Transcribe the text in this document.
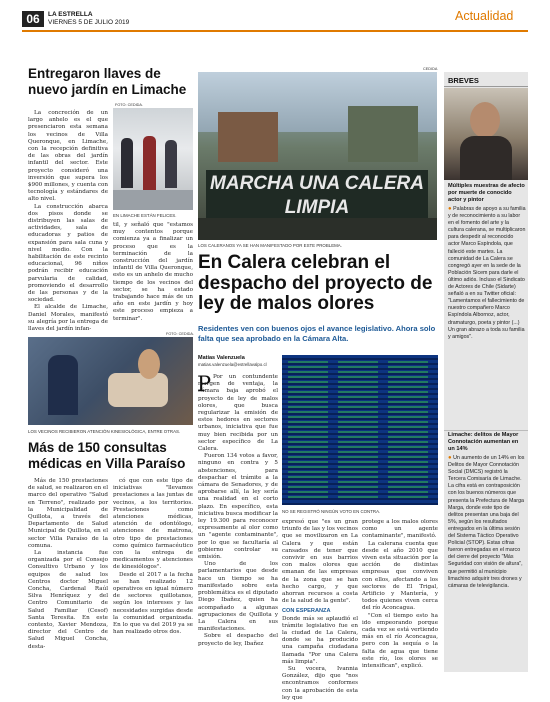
06	LA ESTRELLA
VIERNES 5 DE JULIO 2019	Actualidad
Entregaron llaves de nuevo jardín en Limache

La concreción de un largo anhelo es el que presenciaron esta semana los vecinos de Villa Queronque, en Limache, con la recepción definitiva de las obras del jardín infantil del sector. Este proyecto consideró una inversión que supera los $900 millones, y cuenta con tecnología y estándares de alto nivel.

La construcción abarca dos pisos donde se distribuyen las salas de actividades, sala de educadoras y patios de expansión para sala cuna y nivel medio. Con la habilitación de este recinto educacional, 96 niños podrán recibir educación parvularia de calidad, promoviendo el desarrollo de las personas y de la sociedad.

El alcalde de Limache, Daniel Morales, manifestó su alegría por la entrega de llaves del jardín infan-

FOTO: CEDIDA.
EN LIMACHE ESTÁN FELICES.
til, y señaló que "estamos muy contentos porque comienza ya a finalizar un proceso que es la terminación de la construcción del jardín infantil de Villa Queronque, esto es un anhelo de mucho tiempo de los vecinos del sector, se ha estado trabajando hace más de un año en este jardín y hoy este proceso empieza a terminar".
FOTO: CEDIDA.
LOS VECINOS RECIBIERON ATENCIÓN KINESIOLÓGICA, ENTRE OTRAS.
Más de 150 consultas médicas en Villa Paraíso

Más de 150 prestaciones de salud, se realizaron en el marco del operativo "Salud en Terreno", realizado por la Municipalidad de Quillota, a través del Departamento de Salud Municipal de Quillota, en el sector Villa Paraíso de la comuna.

La instancia fue organizada por el Consejo Consultivo Urbano y los equipos de salud los Centros doctor Miguel Concha, Cardenal Raúl Silva Henríquez y del Centro Comunitario de Salud Familiar (Cesof) Santa Teresita. En este contexto, Xavier Mendoza, director del Centro de Salud Miguel Concha, desta-

có que con este tipo de iniciativas "llevamos prestaciones a las juntas de vecinos, a los territorios. Prestaciones como atenciones médicas, atención de odontólogo, atenciones de matrona, otro tipo de prestaciones como químico farmacéutico con la entrega de medicamentos y atenciones de kinesiólogos".

Desde el 2017 a la fecha se han realizado 12 operativos en igual número de sectores quillotanos, según los intereses y las necesidades surgidas desde la comunidad organizada. En lo que va del 2019 ya se han realizado otros dos.

CEDIDA
MARCHA UNA CALERA LIMPIA
LOS CALERANOS YA SE HAN MANIFESTADO POR ESTE PROBLEMA.
En Calera celebran el despacho del proyecto de ley de malos olores
Residentes ven con buenos ojos el avance legislativo. Ahora solo falta que sea aprobado en la Cámara Alta.
Matías Valenzuela
matias.valenzuela@estrellavalpo.cl
P Por un contundente margen de ventaja, la cámara baja aprobó el proyecto de ley de malos olores, que busca regularizar la emisión de estos hedores en sectores urbanos, iniciativa que fue muy bien recibida por un sector específico de La Calera.

Fueron 134 votos a favor, ninguno en contra y 5 abstenciones, para despachar el trámite a la cámara de Senadores, y de aprobarse allí, la ley sería una realidad en el corto plazo. En específico, esta iniciativa busca modificar la ley 19.300 para reconocer expresamente al olor como un "agente contaminante", por lo que se facultaría al gobierno controlar su emisión.

Uno de los parlamentarios que desde hace un tiempo se ha manifestado sobre esta problemática es el diputado Diego Ibañez, quien ha acompañado a algunas agrupaciones de Quillota y La Calera en sus manifestaciones.

Sobre el despacho del proyecto de ley, Ibañez

NO SE REGISTRÓ NINGÚN VOTO EN CONTRA.

expresó que "es un gran triunfo de las y los vecinos que se movilizaron en La Calera y que están cansados de tener que convivir en sus barrios con malos olores que emanan de las empresas de la zona que se han hecho cargo, y que ahorran recursos a costa de la salud de la gente".

CON ESPERANZA

Donde más se aplaudió el trámite legislativo fue en la ciudad de La Calera, donde se ha producido una campaña ciudadana llamada "Por una Calera más limpia".

Su vocera, Ivannia González, dijo que "nos encontramos conformes con la aprobación de esta ley que

protege a los malos olores como un agente contaminante", manifestó.

La calerana cuenta que desde el año 2010 que viven esta situación por la acción de distintas empresas que conviven con ellos, afectando a los sectores de El Trigal, Artificio y Mantería, y todos quienes viven cerca del río Aconcagua.

"Con el tiempo esto ha ido empeorando porque cada vez se está vertiendo más en el río Aconcagua, pero con la sequía o la falta de agua que tiene este río, los olores se intensifican", explicó.

BREVES
Múltiples muestras de afecto por muerte de conocido actor y pintor
● Palabras de apoyo a su familia y de reconocimiento a su labor en el fomento del arte y la cultura calerana, se multiplicaron para despedir al reconocido actor Marco Espíndola, que falleció este martes. La comunidad de La Calera se congregó ayer en la sede de la Población Sicem para darle el último adiós. Incluso el Sindicato de Actores de Chile (Sidarte) señaló a en su Twitter oficial: "Lamentamos el fallecimiento de nuestro compañero Marco Espíndola Albornoz, actor, dramaturgo, poeta y pintor (...) Un gran abrazo a toda su familia y amigos".
Limache: delitos de Mayor Connotación aumentan en un 14%
● Un aumento de un 14% en los Delitos de Mayor Connotación Social (DMCS) registró la Tercera Comisaría de Limache. La cifra está en contraposición con los buenos números que presenta la Prefectura de Marga Marga, donde este tipo de delitos presentan una baja del 5%, según los resultados entregados en la última sesión del Sistema Táctico Operativo Policial (STOP). Estas cifras fueron entregadas en el marco del cierre del proyecto "Más Seguridad con visión de altura", que permitió al municipio limachino adquirir tres drones y cámaras de televigilancia.
